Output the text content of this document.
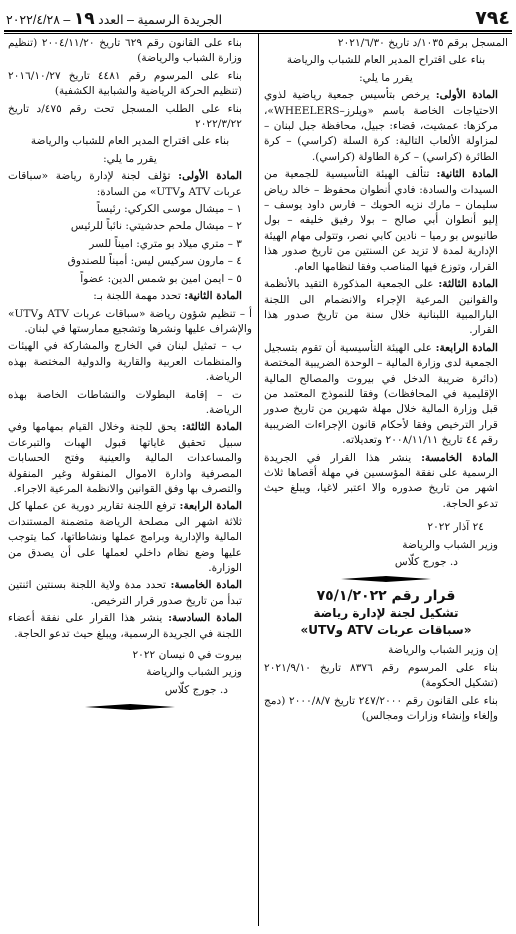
٧٩٤
الجريدة الرسمية – العدد ١٩ – ٢٠٢٢/٤/٢٨

المسجل برقم ١٠٣٥/د تاريخ ٢٠٢١/٦/٣٠

بناء على اقتراح المدير العام للشباب والرياضة

يقرر ما يلي:

المادة الأولى: يرخص بتأسيس جمعية رياضية لذوي الاحتياجات الخاصة باسم «ويلرز–WHEELERS»، مركزها: عمشيت، قضاء: جبيل، محافظة جبل لبنان – لمزاولة الألعاب التالية: كرة السلة (كراسي) – كرة الطائرة (كراسي) – كرة الطاولة (كراسي).

المادة الثانية: تتألف الهيئة التأسيسية للجمعية من السيدات والسادة: فادي أنطوان محفوظ – خالد رياض سليمان – مارك نزيه الحويك – فارس داود يوسف – إليو أنطوان أبي صالح – بولا رفيق خليفه – بول طانيوس بو رميا – نادين كابي نصر، وتتولى مهام الهيئة الإدارية لمدة لا تزيد عن السنتين من تاريخ صدور هذا القرار، وتوزع فيها المناصب وفقا لنظامها العام.

المادة الثالثة: على الجمعية المذكورة التقيد بالأنظمة والقوانين المرعية الإجراء والانضمام الى اللجنة البارالمبية اللبنانية خلال سنة من تاريخ صدور هذا القرار.

المادة الرابعة: على الهيئة التأسيسية أن تقوم بتسجيل الجمعية لدى وزارة المالية – الوحدة الضريبية المختصة (دائرة ضريبة الدخل في بيروت والمصالح المالية الإقليمية في المحافظات) وفقا للنموذج المعتمد من قبل وزارة المالية خلال مهلة شهرين من تاريخ صدور قرار الترخيص وفقا لأحكام قانون الإجراءات الضريبية رقم ٤٤ تاريخ ٢٠٠٨/١١/١١ وتعديلاته.

المادة الخامسة: ينشر هذا القرار في الجريدة الرسمية على نفقة المؤسسين في مهلة أقصاها ثلاث اشهر من تاريخ صدوره والا اعتبر لاغيا، ويبلغ حيث تدعو الحاجة.

٢٤ آذار ٢٠٢٢

وزير الشباب والرياضة

د. جورج كلّاس

قرار رقم ٧٥/١/٢٠٢٢
تشكيل لجنة لإدارة رياضة
«سباقات عربات ATV وUTV»

إن وزير الشباب والرياضة

بناء على المرسوم رقم ٨٣٧٦ تاريخ ٢٠٢١/٩/١٠ (تشكيل الحكومة)

بناء على القانون رقم ٢٤٧/٢٠٠٠ تاريخ ٢٠٠٠/٨/٧ (دمج وإلغاء وإنشاء وزارات ومجالس)

بناء على القانون رقم ٦٢٩ تاريخ ٢٠٠٤/١١/٢٠ (تنظيم وزارة الشباب والرياضة)

بناء على المرسوم رقم ٤٤٨١ تاريخ ٢٠١٦/١٠/٢٧ (تنظيم الحركة الرياضية والشبابية الكشفية)

بناء على الطلب المسجل تحت رقم ٤٧٥/د تاريخ ٢٠٢٢/٣/٢٢

بناء على اقتراح المدير العام للشباب والرياضة

يقرر ما يلي:

المادة الأولى: تؤلف لجنة لإدارة رياضة «سباقات عربات ATV وUTV» من السادة:

١ – ميشال موسى الكركي: رئيساً

٢ – ميشال ملحم حدشيتي: نائباً للرئيس

٣ – متري ميلاد بو متري: اميناً للسر

٤ – مارون سركيس ليس: أميناً للصندوق

٥ – ايمن امين بو شمس الدين: عضواً

المادة الثانية: تحدد مهمة اللجنة بـ:

أ – تنظيم شؤون رياضة «سباقات عربات ATV وUTV» والإشراف عليها ونشرها وتشجيع ممارستها في لبنان.

ب – تمثيل لبنان في الخارج والمشاركة في الهيئات والمنظمات العربية والقارية والدولية المختصة بهذه الرياضة.

ت – إقامة البطولات والنشاطات الخاصة بهذه الرياضة.

المادة الثالثة: يحق للجنة وخلال القيام بمهامها وفي سبيل تحقيق غاياتها قبول الهبات والتبرعات والمساعدات المالية والعينية وفتح الحسابات المصرفية وادارة الاموال المنقولة وغير المنقولة والتصرف بها وفق القوانين والانظمة المرعية الاجراء.

المادة الرابعة: ترفع اللجنة تقارير دورية عن عملها كل ثلاثة اشهر الى مصلحة الرياضة متضمنة المستندات المالية والإدارية وبرامج عملها ونشاطاتها، كما يتوجب عليها وضع نظام داخلي لعملها على أن يصدق من الوزارة.

المادة الخامسة: تحدد مدة ولاية اللجنة بسنتين اثنتين تبدأ من تاريخ صدور قرار الترخيص.

المادة السادسة: ينشر هذا القرار على نفقة أعضاء اللجنة في الجريدة الرسمية، ويبلغ حيث تدعو الحاجة.

بيروت في ٥ نيسان ٢٠٢٢

وزير الشباب والرياضة

د. جورج كلّاس
